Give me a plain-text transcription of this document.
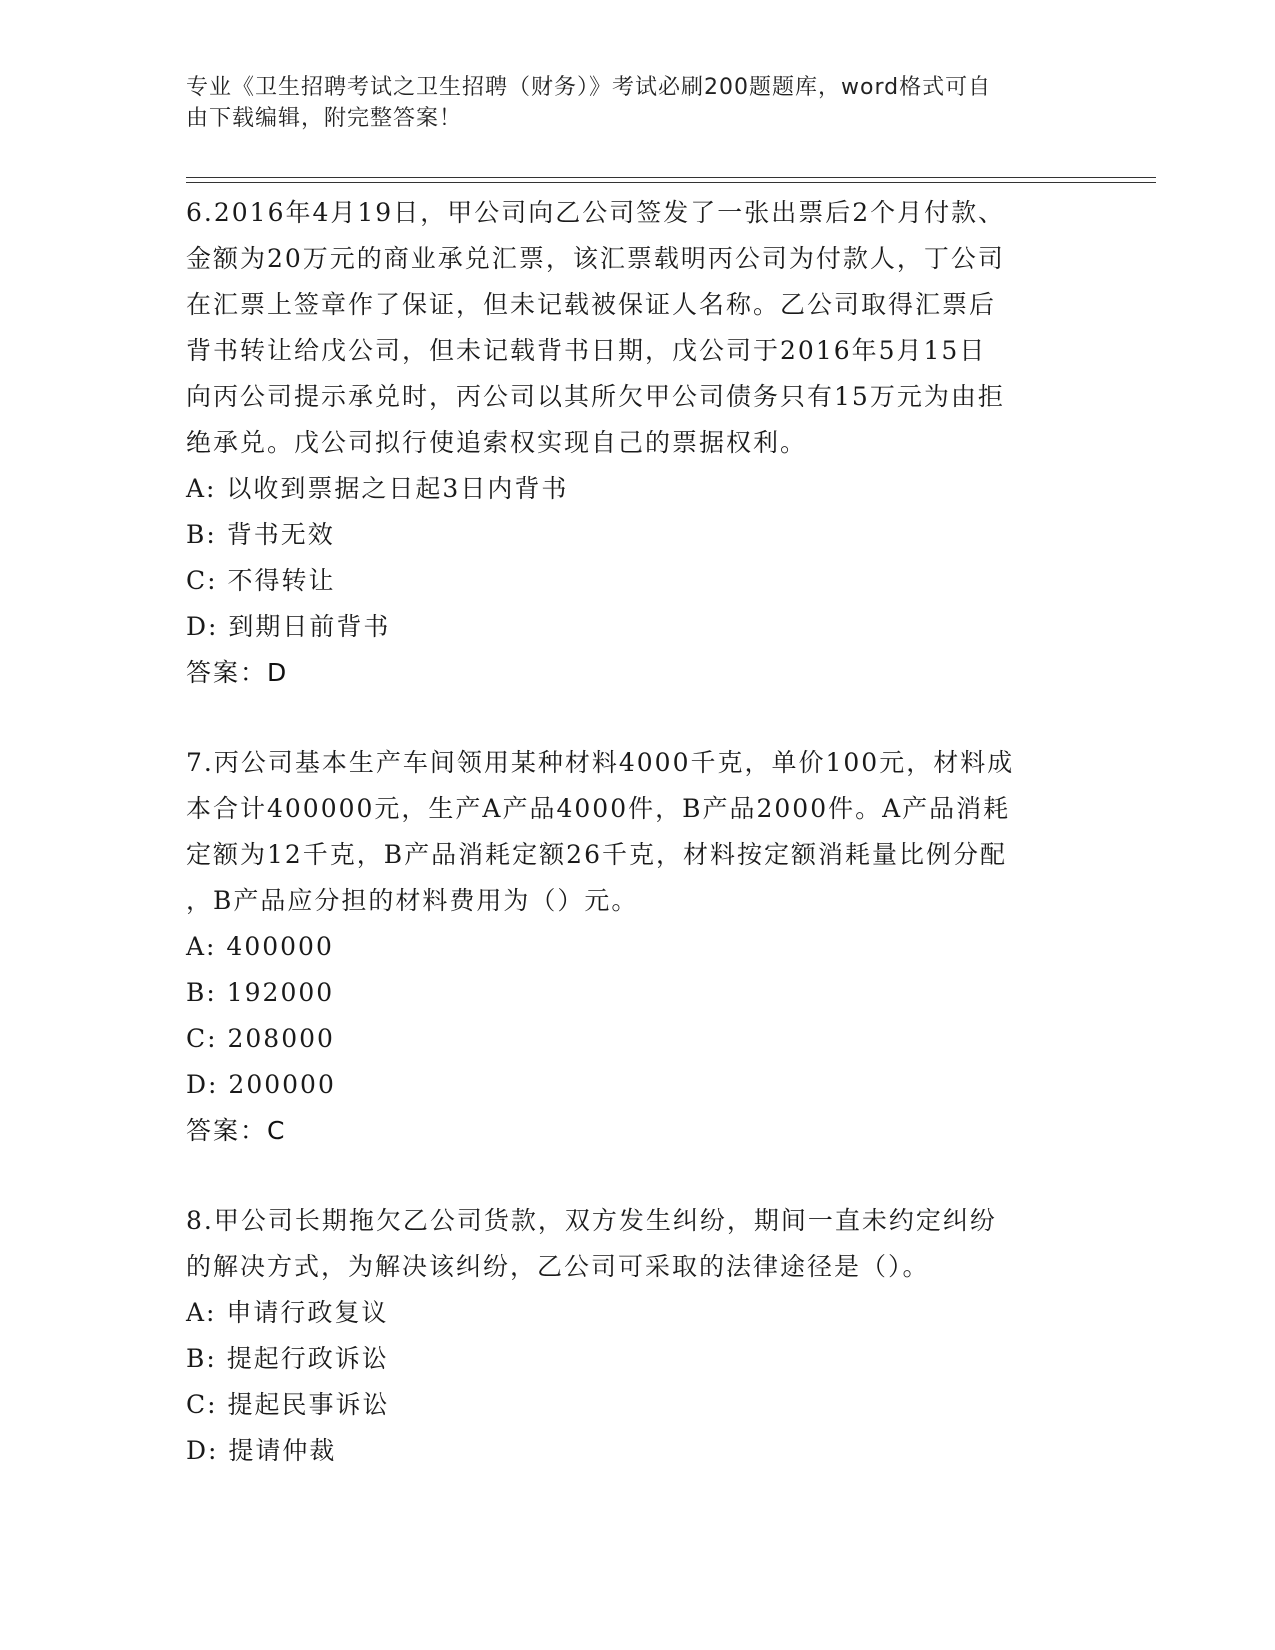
专业《卫生招聘考试之卫生招聘（财务）》考试必刷200题题库，word格式可自
由下载编辑，附完整答案！
6.2016年4月19日，甲公司向乙公司签发了一张出票后2个月付款、
金额为20万元的商业承兑汇票，该汇票载明丙公司为付款人，丁公司
在汇票上签章作了保证，但未记载被保证人名称。乙公司取得汇票后
背书转让给戊公司，但未记载背书日期，戊公司于2016年5月15日
向丙公司提示承兑时，丙公司以其所欠甲公司债务只有15万元为由拒
绝承兑。戊公司拟行使追索权实现自己的票据权利。
A: 以收到票据之日起3日内背书
B: 背书无效
C: 不得转让
D: 到期日前背书
答案：D
7.丙公司基本生产车间领用某种材料4000千克，单价100元，材料成
本合计400000元，生产A产品4000件，B产品2000件。A产品消耗
定额为12千克，B产品消耗定额26千克，材料按定额消耗量比例分配
，B产品应分担的材料费用为（）元。
A: 400000
B: 192000
C: 208000
D: 200000
答案：C
8.甲公司长期拖欠乙公司货款，双方发生纠纷，期间一直未约定纠纷
的解决方式，为解决该纠纷，乙公司可采取的法律途径是（）。
A: 申请行政复议
B: 提起行政诉讼
C: 提起民事诉讼
D: 提请仲裁
